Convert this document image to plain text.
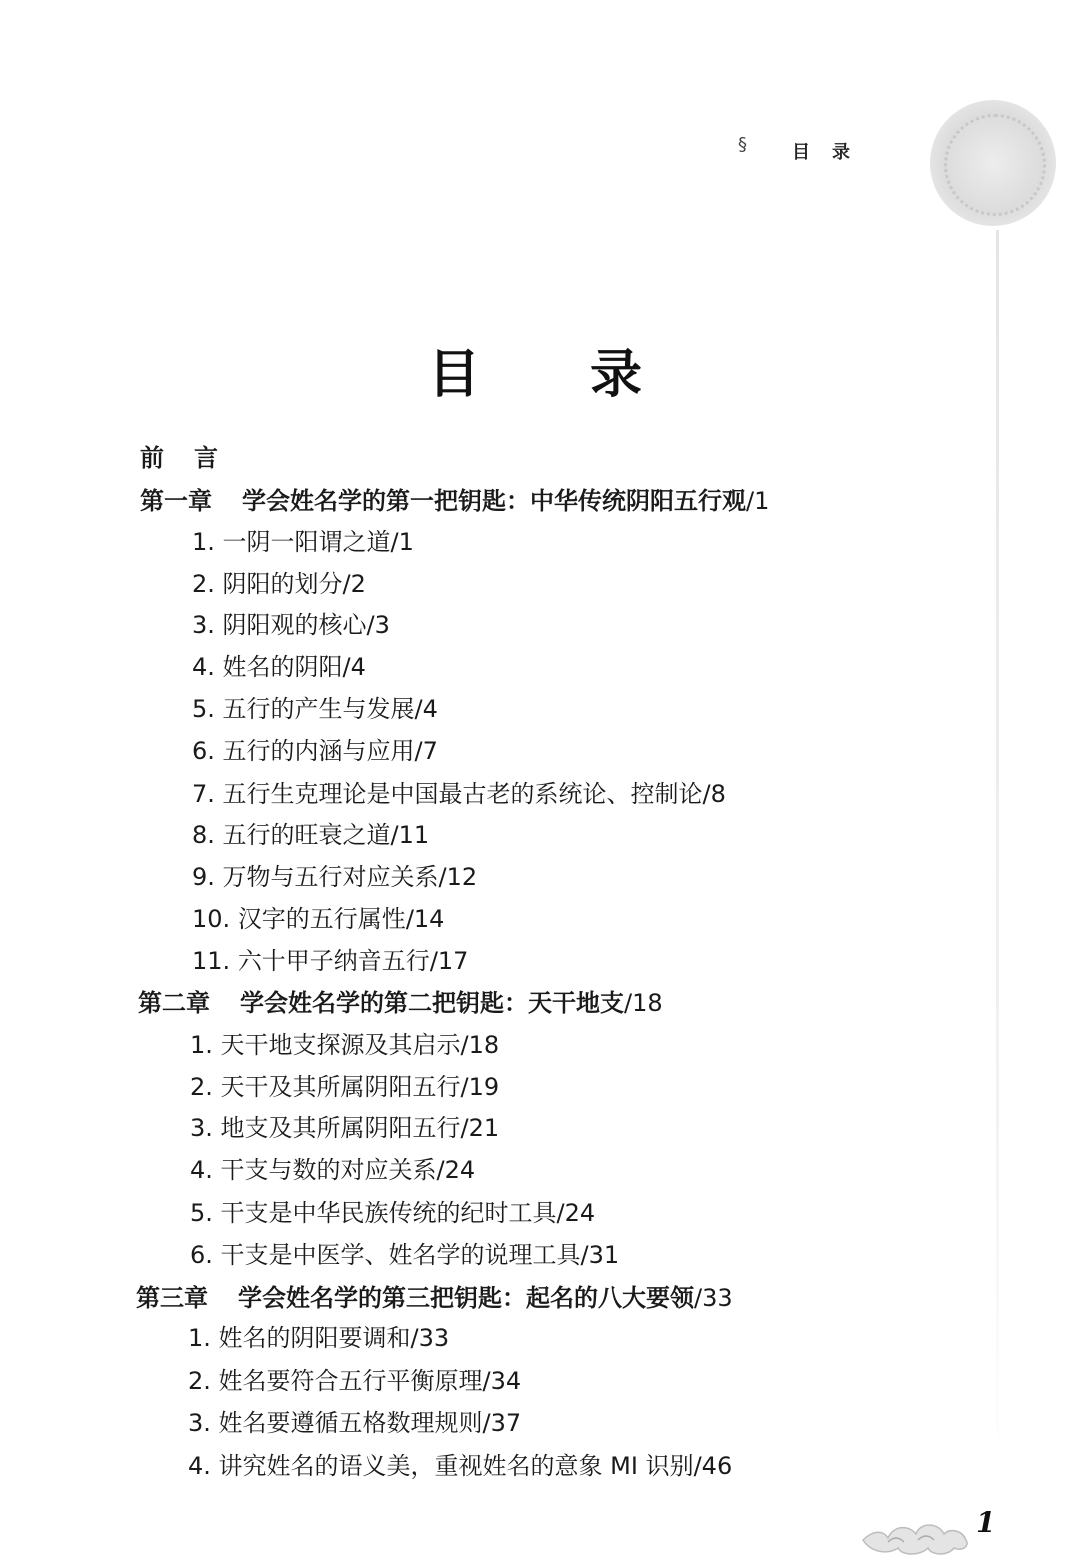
§	目录
目 录
前言
第一章 学会姓名学的第一把钥匙：中华传统阴阳五行观/1
1. 一阴一阳谓之道/1
2. 阴阳的划分/2
3. 阴阳观的核心/3
4. 姓名的阴阳/4
5. 五行的产生与发展/4
6. 五行的内涵与应用/7
7. 五行生克理论是中国最古老的系统论、控制论/8
8. 五行的旺衰之道/11
9. 万物与五行对应关系/12
10. 汉字的五行属性/14
11. 六十甲子纳音五行/17
第二章 学会姓名学的第二把钥匙：天干地支/18
1. 天干地支探源及其启示/18
2. 天干及其所属阴阳五行/19
3. 地支及其所属阴阳五行/21
4. 干支与数的对应关系/24
5. 干支是中华民族传统的纪时工具/24
6. 干支是中医学、姓名学的说理工具/31
第三章 学会姓名学的第三把钥匙：起名的八大要领/33
1. 姓名的阴阳要调和/33
2. 姓名要符合五行平衡原理/34
3. 姓名要遵循五格数理规则/37
4. 讲究姓名的语义美，重视姓名的意象 MI 识别/46
1
